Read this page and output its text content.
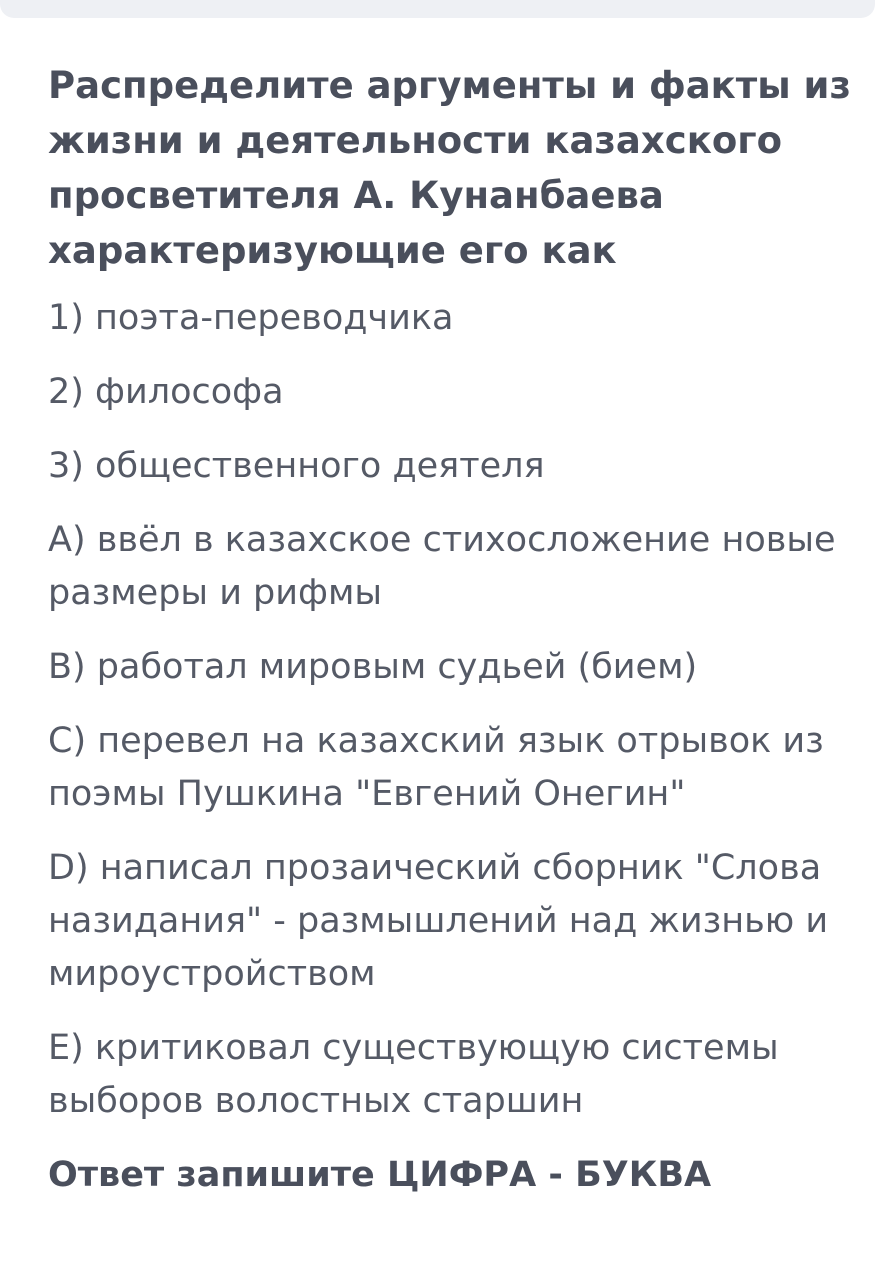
Распределите аргументы и факты из жизни и деятельности казахского просветителя А. Кунанбаева характеризующие его как
1) поэта-переводчика
2) философа
3) общественного деятеля
A) ввёл в казахское стихосложение новые размеры и рифмы
B) работал мировым судьей (бием)
C) перевел на казахский язык отрывок из поэмы Пушкина "Евгений Онегин"
D) написал прозаический сборник "Слова назидания" - размышлений над жизнью и мироустройством
E) критиковал существующую системы выборов волостных старшин
Ответ запишите ЦИФРА - БУКВА
